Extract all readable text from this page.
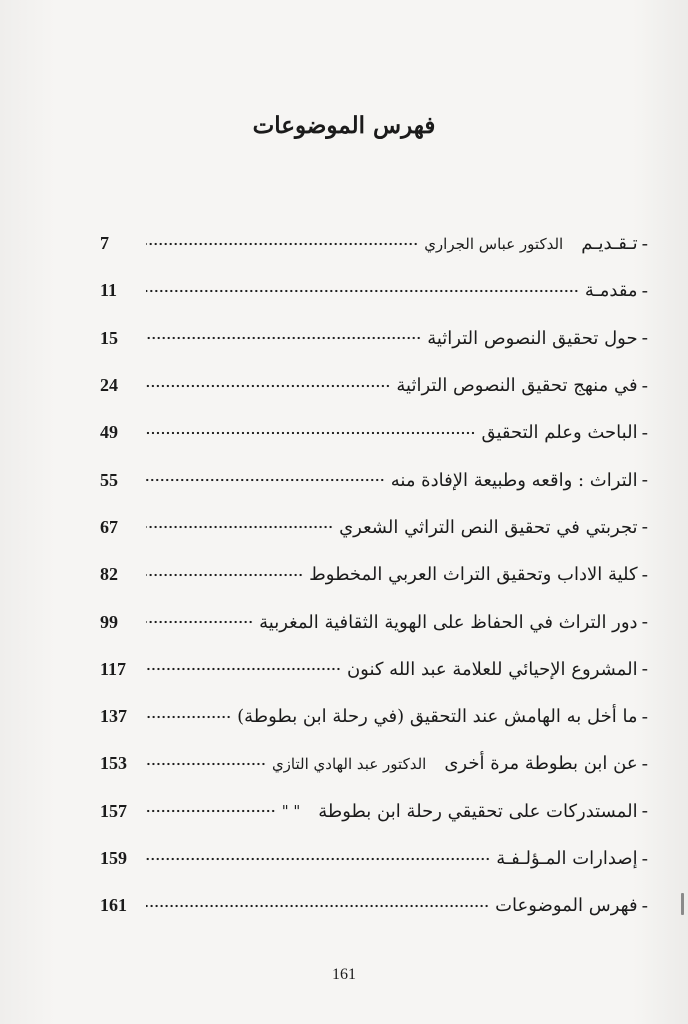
فهرس الموضوعات
-
تـقـديـم
الدكتور عباس الجراري
7
-
مقدمـة
11
-
حول تحقيق النصوص التراثية
15
-
في منهج تحقيق النصوص التراثية
24
-
الباحث وعلم التحقيق
49
-
التراث : واقعه وطبيعة الإفادة منه
55
-
تجربتي في تحقيق النص التراثي الشعري
67
-
كلية الاداب وتحقيق التراث العربي المخطوط
82
-
دور التراث في الحفاظ على الهوية الثقافية المغربية
99
-
المشروع الإحيائي للعلامة عبد الله كنون
117
-
ما أخل به الهامش عند التحقيق (في رحلة ابن بطوطة)
137
-
عن ابن بطوطة مرة أخرى
الدكتور عبد الهادي التازي
153
-
المستدركات على تحقيقي رحلة ابن بطوطة
" "
157
-
إصدارات المـؤلـفـة
159
-
فهرس الموضوعات
161
161
